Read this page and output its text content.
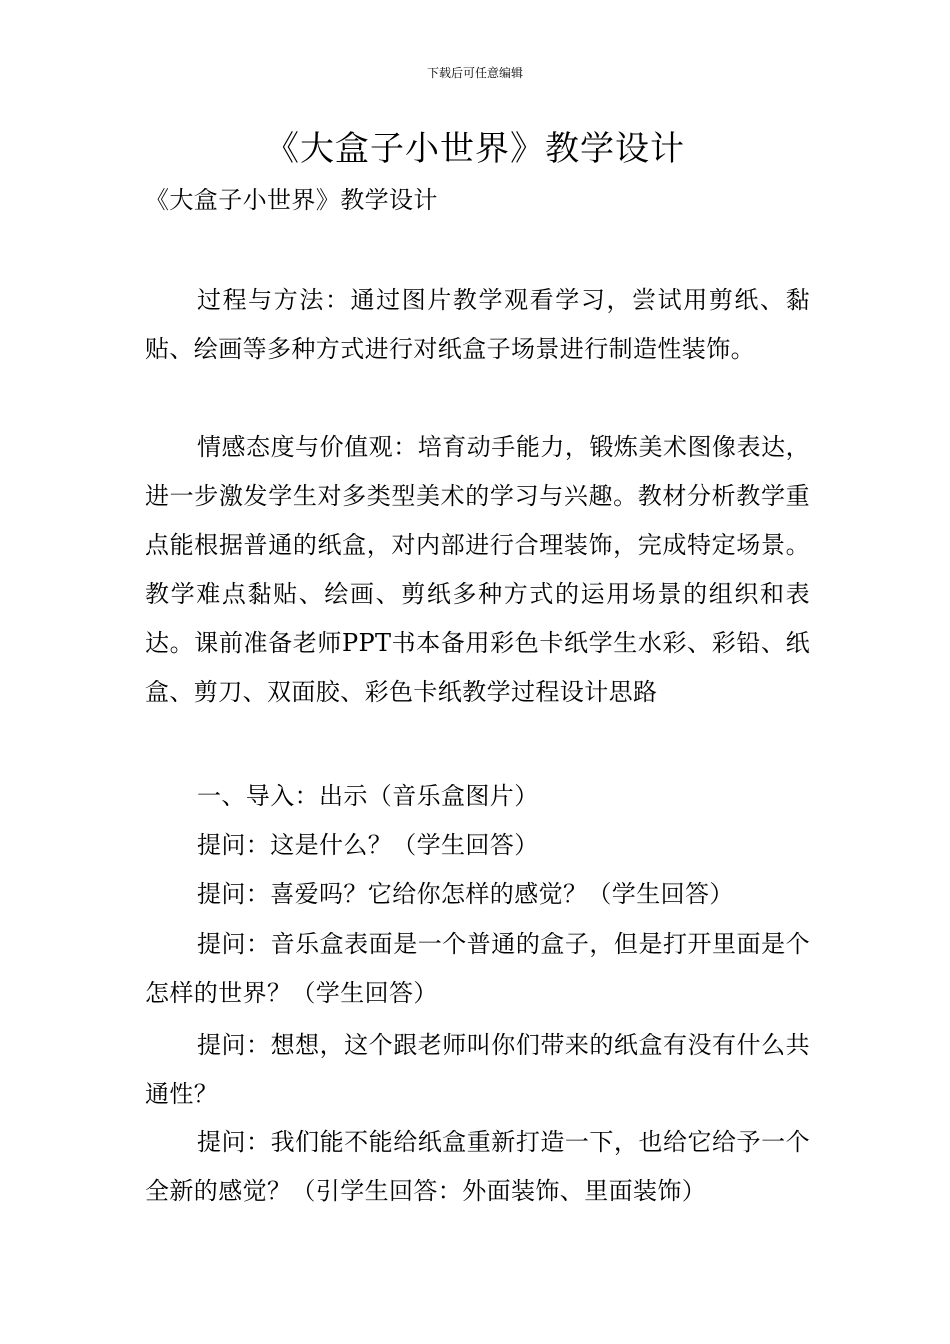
下载后可任意编辑
《大盒子小世界》教学设计

《大盒子小世界》教学设计

过程与方法：通过图片教学观看学习，尝试用剪纸、黏贴、绘画等多种方式进行对纸盒子场景进行制造性装饰。

情感态度与价值观：培育动手能力，锻炼美术图像表达，进一步激发学生对多类型美术的学习与兴趣。教材分析教学重点能根据普通的纸盒，对内部进行合理装饰，完成特定场景。教学难点黏贴、绘画、剪纸多种方式的运用场景的组织和表达。课前准备老师PPT书本备用彩色卡纸学生水彩、彩铅、纸盒、剪刀、双面胶、彩色卡纸教学过程设计思路

一、导入：出示（音乐盒图片）

提问：这是什么？（学生回答）

提问：喜爱吗？它给你怎样的感觉？（学生回答）

提问：音乐盒表面是一个普通的盒子，但是打开里面是个怎样的世界？（学生回答）

提问：想想，这个跟老师叫你们带来的纸盒有没有什么共通性？

提问：我们能不能给纸盒重新打造一下，也给它给予一个全新的感觉？（引学生回答：外面装饰、里面装饰）
